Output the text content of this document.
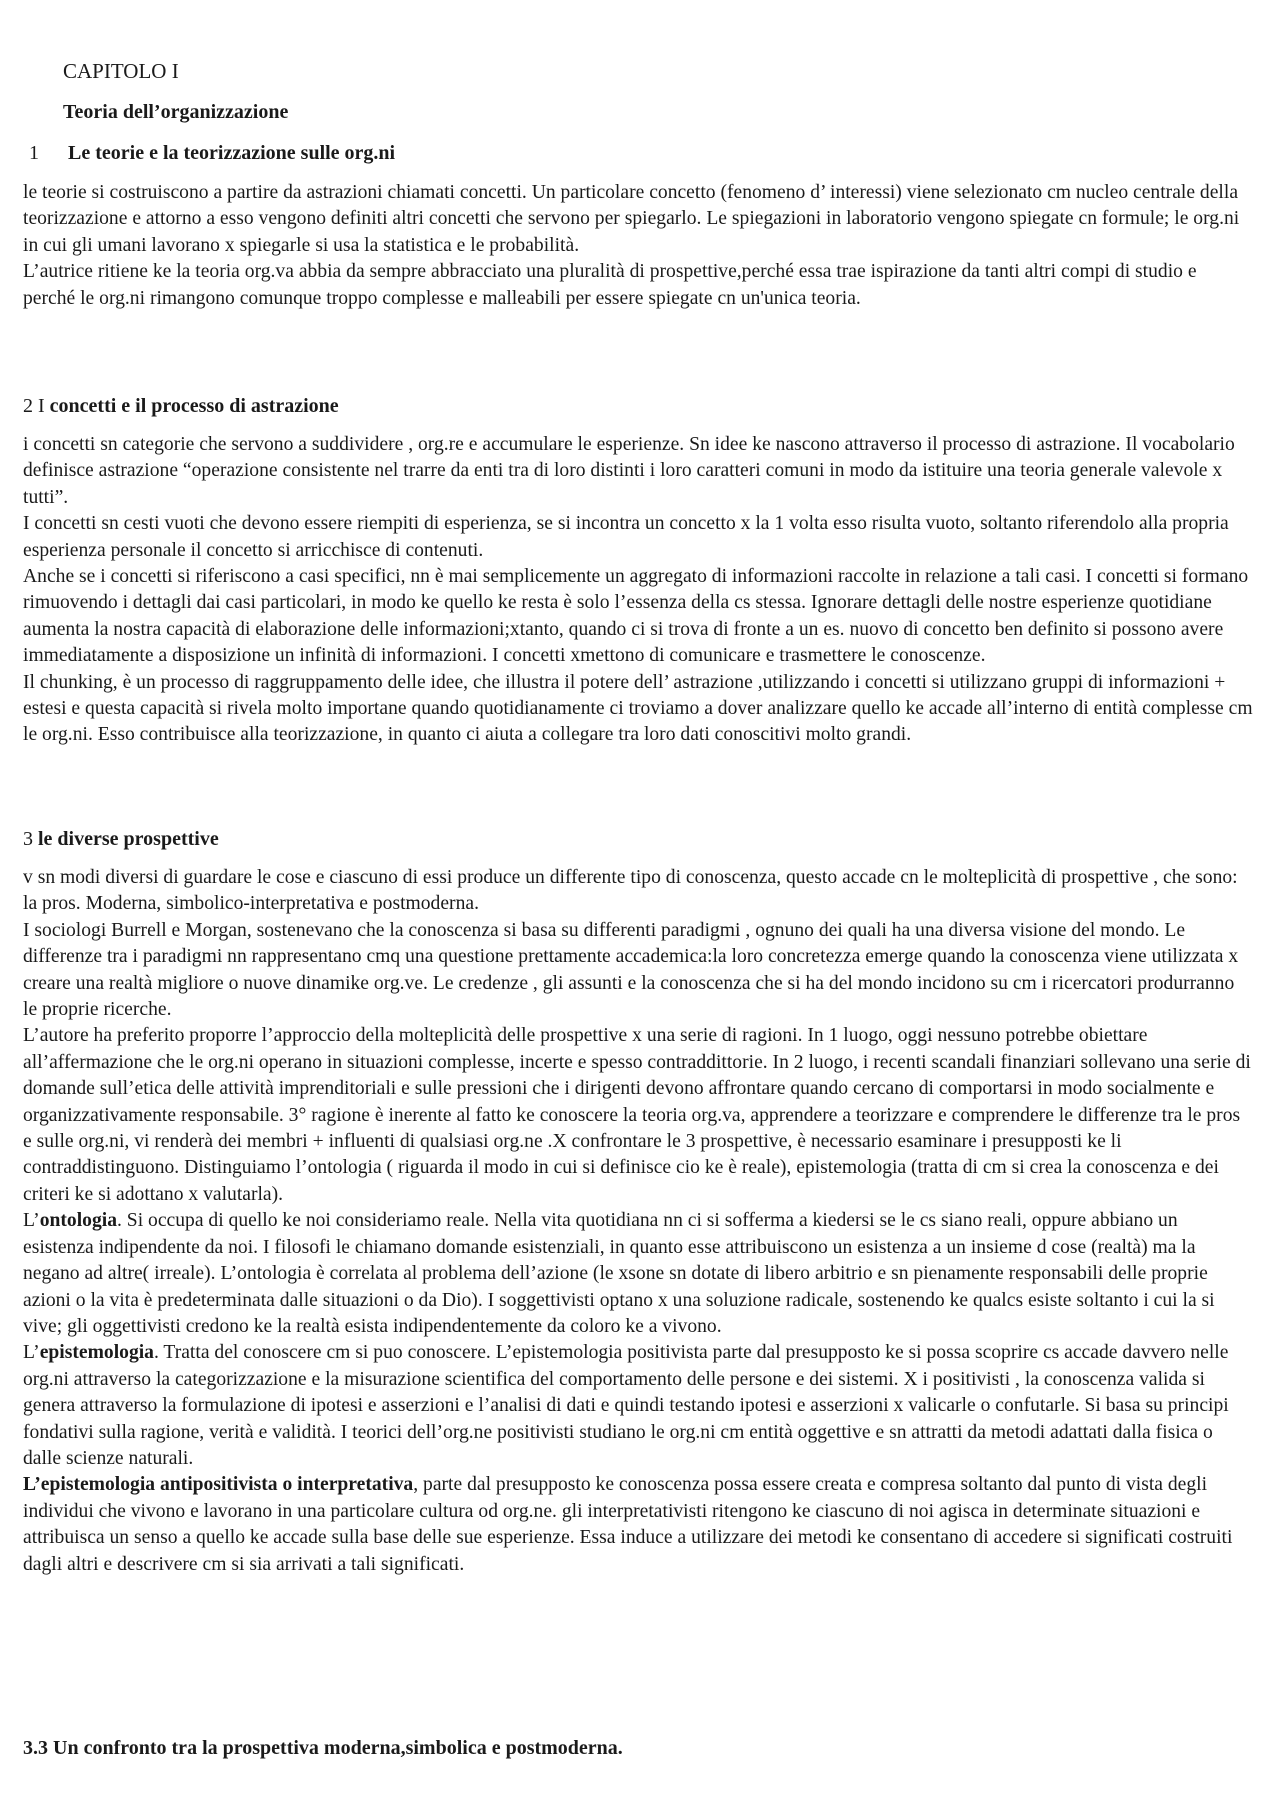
CAPITOLO I
Teoria dell’organizzazione
1 Le teorie e la teorizzazione sulle org.ni

le teorie si costruiscono a partire da astrazioni chiamati concetti. Un particolare concetto (fenomeno d’ interessi) viene selezionato cm nucleo centrale della teorizzazione e attorno a esso vengono definiti altri concetti che servono per spiegarlo. Le spiegazioni in laboratorio vengono spiegate cn formule; le org.ni in cui gli umani lavorano x spiegarle si usa la statistica e le probabilità.

L’autrice ritiene ke la teoria org.va abbia da sempre abbracciato una pluralità di prospettive,perché essa trae ispirazione da tanti altri compi di studio e perché le org.ni rimangono comunque troppo complesse e malleabili per essere spiegate cn un'unica teoria.

2 I concetti e il processo di astrazione

i concetti sn categorie che servono a suddividere , org.re e accumulare le esperienze. Sn idee ke nascono attraverso il processo di astrazione. Il vocabolario definisce astrazione “operazione consistente nel trarre da enti tra di loro distinti i loro caratteri comuni in modo da istituire una teoria generale valevole x tutti”.

I concetti sn cesti vuoti che devono essere riempiti di esperienza, se si incontra un concetto x la 1 volta esso risulta vuoto, soltanto riferendolo alla propria esperienza personale il concetto si arricchisce di contenuti.

Anche se i concetti si riferiscono a casi specifici, nn è mai semplicemente un aggregato di informazioni raccolte in relazione a tali casi. I concetti si formano rimuovendo i dettagli dai casi particolari, in modo ke quello ke resta è solo l’essenza della cs stessa. Ignorare dettagli delle nostre esperienze quotidiane aumenta la nostra capacità di elaborazione delle informazioni;xtanto, quando ci si trova di fronte a un es. nuovo di concetto ben definito si possono avere immediatamente a disposizione un infinità di informazioni. I concetti xmettono di comunicare e trasmettere le conoscenze.

Il chunking, è un processo di raggruppamento delle idee, che illustra il potere dell’ astrazione ,utilizzando i concetti si utilizzano gruppi di informazioni + estesi e questa capacità si rivela molto importane quando quotidianamente ci troviamo a dover analizzare quello ke accade all’interno di entità complesse cm le org.ni. Esso contribuisce alla teorizzazione, in quanto ci aiuta a collegare tra loro dati conoscitivi molto grandi.

3 le diverse prospettive

v sn modi diversi di guardare le cose e ciascuno di essi produce un differente tipo di conoscenza, questo accade cn le molteplicità di prospettive , che sono: la pros. Moderna, simbolico-interpretativa e postmoderna.

I sociologi Burrell e Morgan, sostenevano che la conoscenza si basa su differenti paradigmi , ognuno dei quali ha una diversa visione del mondo. Le differenze tra i paradigmi nn rappresentano cmq una questione prettamente accademica:la loro concretezza emerge quando la conoscenza viene utilizzata x creare una realtà migliore o nuove dinamike org.ve. Le credenze , gli assunti e la conoscenza che si ha del mondo incidono su cm i ricercatori produrranno le proprie ricerche.

L’autore ha preferito proporre l’approccio della molteplicità delle prospettive x una serie di ragioni. In 1 luogo, oggi nessuno potrebbe obiettare all’affermazione che le org.ni operano in situazioni complesse, incerte e spesso contraddittorie. In 2 luogo, i recenti scandali finanziari sollevano una serie di domande sull’etica delle attività imprenditoriali e sulle pressioni che i dirigenti devono affrontare quando cercano di comportarsi in modo socialmente e organizzativamente responsabile. 3° ragione è inerente al fatto ke conoscere la teoria org.va, apprendere a teorizzare e comprendere le differenze tra le pros e sulle org.ni, vi renderà dei membri + influenti di qualsiasi org.ne .X confrontare le 3 prospettive, è necessario esaminare i presupposti ke li contraddistinguono. Distinguiamo l’ontologia ( riguarda il modo in cui si definisce cio ke è reale), epistemologia (tratta di cm si crea la conoscenza e dei criteri ke si adottano x valutarla).

L’ontologia. Si occupa di quello ke noi consideriamo reale. Nella vita quotidiana nn ci si sofferma a kiedersi se le cs siano reali, oppure abbiano un esistenza indipendente da noi. I filosofi le chiamano domande esistenziali, in quanto esse attribuiscono un esistenza a un insieme d cose (realtà) ma la negano ad altre( irreale). L’ontologia è correlata al problema dell’azione (le xsone sn dotate di libero arbitrio e sn pienamente responsabili delle proprie azioni o la vita è predeterminata dalle situazioni o da Dio). I soggettivisti optano x una soluzione radicale, sostenendo ke qualcs esiste soltanto i cui la si vive; gli oggettivisti credono ke la realtà esista indipendentemente da coloro ke a vivono.

L’epistemologia. Tratta del conoscere cm si puo conoscere. L’epistemologia positivista parte dal presupposto ke si possa scoprire cs accade davvero nelle org.ni attraverso la categorizzazione e la misurazione scientifica del comportamento delle persone e dei sistemi. X i positivisti , la conoscenza valida si genera attraverso la formulazione di ipotesi e asserzioni e l’analisi di dati e quindi testando ipotesi e asserzioni x valicarle o confutarle. Si basa su principi fondativi sulla ragione, verità e validità. I teorici dell’org.ne positivisti studiano le org.ni cm entità oggettive e sn attratti da metodi adattati dalla fisica o dalle scienze naturali.

L’epistemologia antipositivista o interpretativa, parte dal presupposto ke conoscenza possa essere creata e compresa soltanto dal punto di vista degli individui che vivono e lavorano in una particolare cultura od org.ne. gli interpretativisti ritengono ke ciascuno di noi agisca in determinate situazioni e attribuisca un senso a quello ke accade sulla base delle sue esperienze. Essa induce a utilizzare dei metodi ke consentano di accedere si significati costruiti dagli altri e descrivere cm si sia arrivati a tali significati.

3.3 Un confronto tra la prospettiva moderna,simbolica e postmoderna.
